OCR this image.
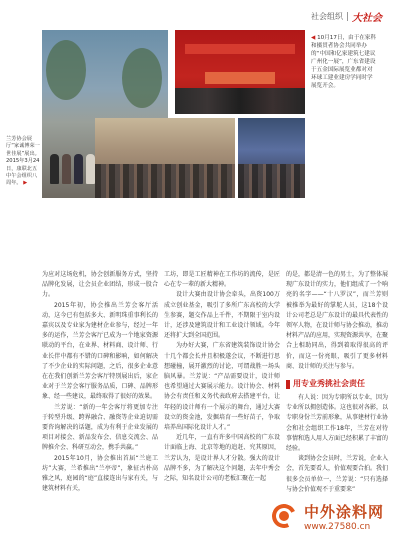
社会组织 大社会
◀ 10月17日，由于在家科和摄贯者协会共同举办的“中国和亿家建筑七建议广州化一展”，广东省建设于五金国际展览业都对对环球工建业建房学同时学展览开会。
兰芳协会展厅“家诚博荣一世佳展”展出。2015年3月24日，康联北五中午会组织八周年。 ▶

为应对这场危机，协会创新服务方式，坚持品牌化发展，让会员企业团结，形成一股合力。

2015年初，协会推出兰芳会客厅活动，这今已有包括多大、新明珠重事利长的嘉宾以及专业家为建材企业参与，经过一年多的运作，兰芳会客厅已成为一个地家资源联动的平台，在业界、材料商、设计师、行业长伴中都有不错的口碑和影响，如何解决了不少企业的实际问题，之后，很多企业意在在我们创新兰芳会客厅特别展出后，家企业对于兰芳会客厅服务品质，口碑、品牌形象、经一些建议，最终取得了很好的效果。

兰芳说：“新的一年会客厅将更加专注于转型升级、跨界融合、融资等企业迫切需要咨询解决的话题，成为有利于企业发展的项目对接会、新品发布会、信息交流会、品牌推介会、科研互动会，携手共赢。”

2015年10月，协会推出首届“兰庭工坊”大赛，兰希推出“兰亭帝”，象征古朴高雅之风，庭园的“庭”直接连出与家有关，与建筑材料有关，

工坊，即是工匠精神在工作坊的流传，是匠心在专一辈的新大精神。

设计大赛由设计协会牵头，出资100万成立创业基金，吸引了多所广东高校的大学生参赛，题交作品上千件，不期限于室内设计，还涉及建筑设计和工业设计领域。今年还将扩大到全国范围。

为办好大赛，广东省建筑装饰设计协会十几个都会长并且积极遂会议，不断进行思想碰撞，展开激烈的讨论，可谓战胜一场头脑风暴。兰芳说：“产品需要设计，设计师也希望通过大赛展示能力。设计协会、材料协会有责任和义务代表政府去搭建平台，让年轻的设计师有一个展示的舞台，通过大赛设立的资金池，发掘培育一些好苗子，争取培养出国际化设计人才。”

近几年，一直有许多中国高校的广东设计面临上海、北京等地的追赶、究其原因，兰芳认为，是设计界人才分散。强大的设计品牌不多，为了解决这个问题，去年中秀会之际，知名设计公司的老板汇聚在一起

的是，都是清一色的男士，为了整体展现广东设计的实力，他们组成了一个响亮的名字——“十八罗汉”，而兰芳则被推举为最好的掌舵人员，这18个设计公司老总是广东设计的最具代表性的领军人物，在设计师与协会推动，推动材料产品的应用，实现资源共享，在聚合上相助同出，得到着取得很高的评价，而这一份亮眼，吸引了更多材料商、设计师的关注与参与。

用专业秀挑社会责任

有人说：因为专职所以专业，因为专业所以拥创造体。这也很对各影，以专职身份兰芳前形象，从事建材行业协会和社会组织工作18年，兰芳在对待事情和选人用人方面已经积累了丰富的经验。

谈到协会会员时，兰芳说，企业入会，首先要看人，价值观要合拍。我们很多会员单位一，兰芳说：“只有选择与协会价值观不于重要来”

中外涂料网
www.27580.cn
